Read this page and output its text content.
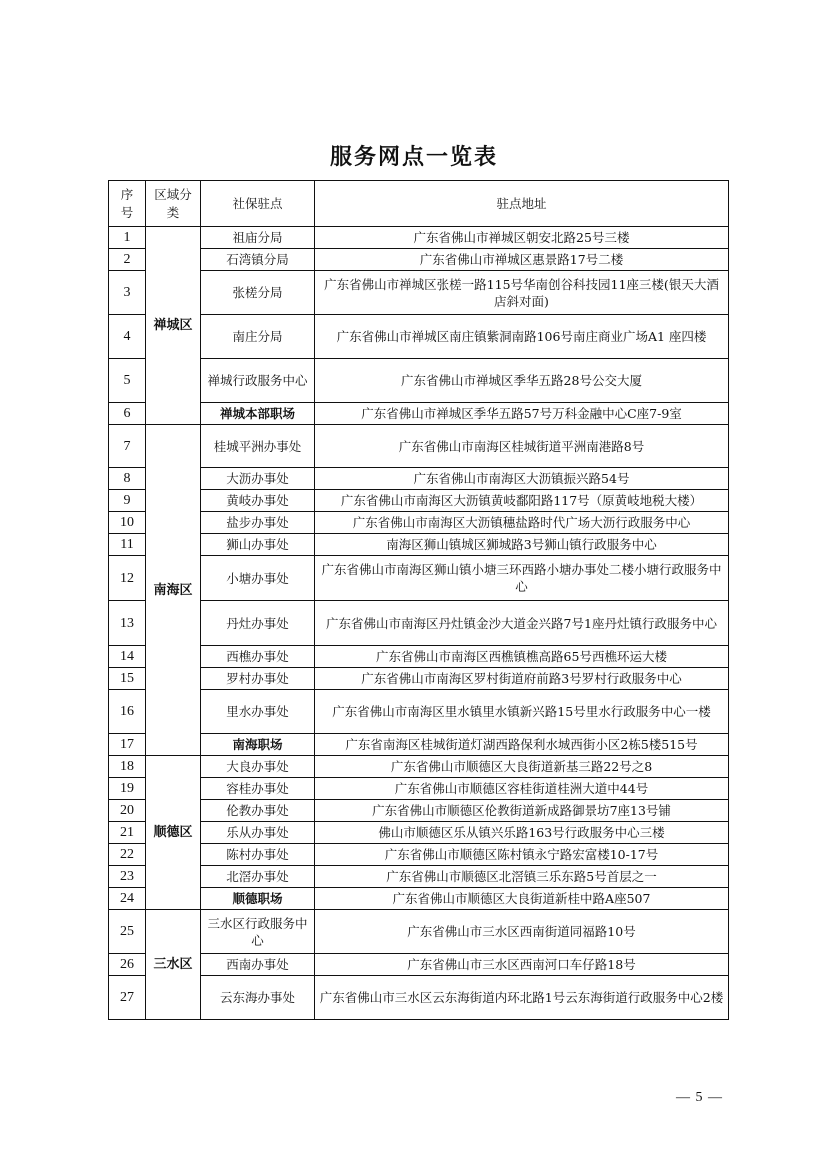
服务网点一览表
序号	区域分类	社保驻点	驻点地址
1	禅城区	祖庙分局	广东省佛山市禅城区朝安北路25号三楼
2		石湾镇分局	广东省佛山市禅城区惠景路17号二楼
3		张槎分局	广东省佛山市禅城区张槎一路115号华南创谷科技园11座三楼(银天大酒店斜对面)
4		南庄分局	广东省佛山市禅城区南庄镇紫洞南路106号南庄商业广场A1 座四楼
5		禅城行政服务中心	广东省佛山市禅城区季华五路28号公交大厦
6		禅城本部职场	广东省佛山市禅城区季华五路57号万科金融中心C座7-9室
7	南海区	桂城平洲办事处	广东省佛山市南海区桂城街道平洲南港路8号
8		大沥办事处	广东省佛山市南海区大沥镇振兴路54号
9		黄岐办事处	广东省佛山市南海区大沥镇黄岐鄱阳路117号（原黄岐地税大楼）
10		盐步办事处	广东省佛山市南海区大沥镇穗盐路时代广场大沥行政服务中心
11		狮山办事处	南海区狮山镇城区狮城路3号狮山镇行政服务中心
12		小塘办事处	广东省佛山市南海区狮山镇小塘三环西路小塘办事处二楼小塘行政服务中心
13		丹灶办事处	广东省佛山市南海区丹灶镇金沙大道金兴路7号1座丹灶镇行政服务中心
14		西樵办事处	广东省佛山市南海区西樵镇樵高路65号西樵环运大楼
15		罗村办事处	广东省佛山市南海区罗村街道府前路3号罗村行政服务中心
16		里水办事处	广东省佛山市南海区里水镇里水镇新兴路15号里水行政服务中心一楼
17		南海职场	广东省南海区桂城街道灯湖西路保利水城西街小区2栋5楼515号
18	顺德区	大良办事处	广东省佛山市顺德区大良街道新基三路22号之8
19		容桂办事处	广东省佛山市顺德区容桂街道桂洲大道中44号
20		伦教办事处	广东省佛山市顺德区伦教街道新成路御景坊7座13号铺
21		乐从办事处	佛山市顺德区乐从镇兴乐路163号行政服务中心三楼
22		陈村办事处	广东省佛山市顺德区陈村镇永宁路宏富楼10-17号
23		北滘办事处	广东省佛山市顺德区北滘镇三乐东路5号首层之一
24		顺德职场	广东省佛山市顺德区大良街道新桂中路A座507
25	三水区	三水区行政服务中心	广东省佛山市三水区西南街道同福路10号
26		西南办事处	广东省佛山市三水区西南河口车仔路18号
27		云东海办事处	广东省佛山市三水区云东海街道内环北路1号云东海街道行政服务中心2楼
— 5 —
